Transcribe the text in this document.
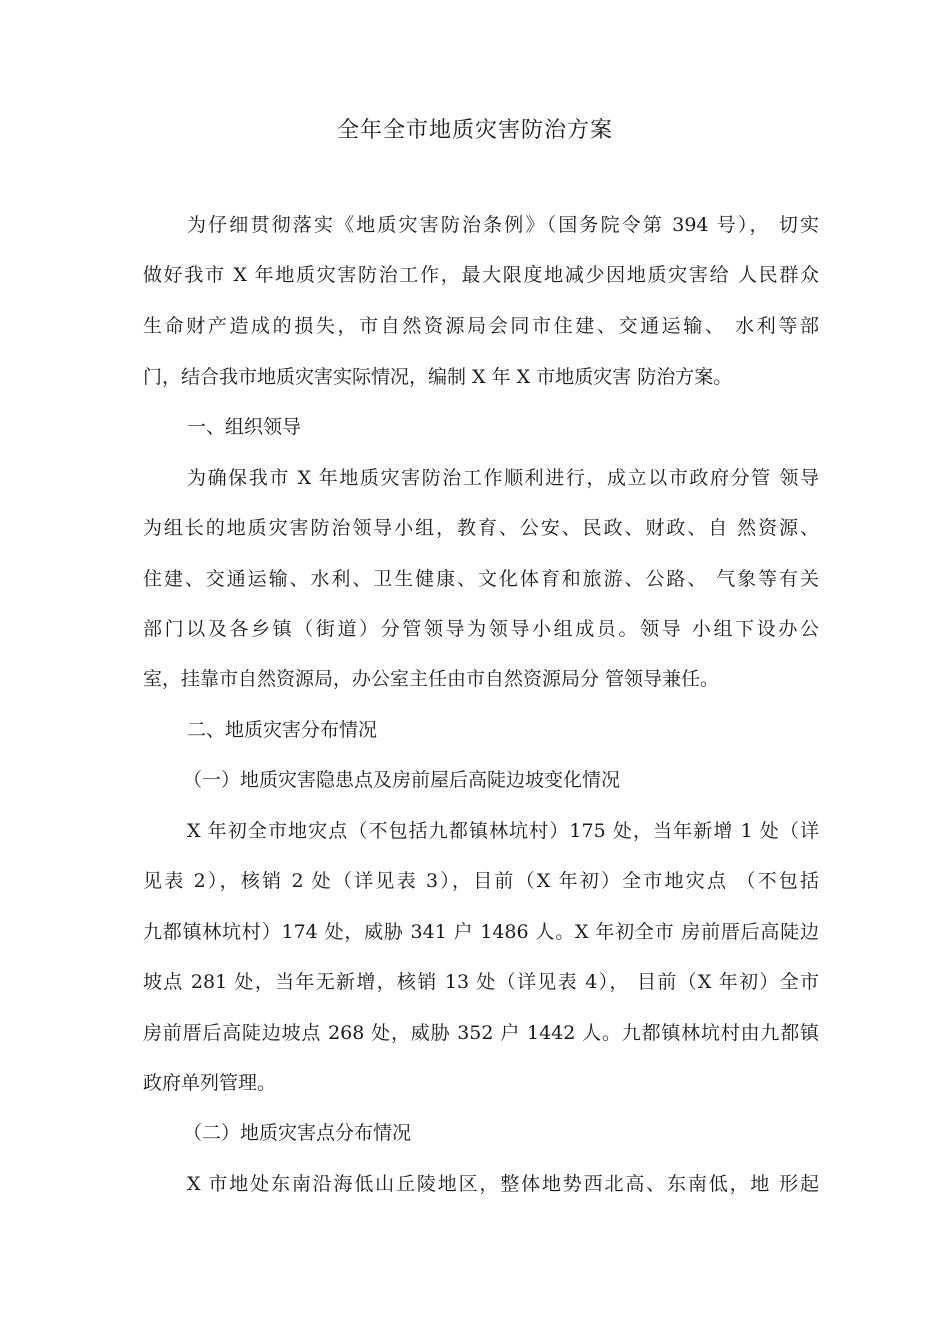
全年全市地质灾害防治方案
为仔细贯彻落实《地质灾害防治条例》（国务院令第 394 号）， 切实
做好我市 X 年地质灾害防治工作，最大限度地减少因地质灾害给 人民群众
生命财产造成的损失，市自然资源局会同市住建、交通运输、 水利等部
门，结合我市地质灾害实际情况，编制 X 年 X 市地质灾害 防治方案。
一、组织领导
为确保我市 X 年地质灾害防治工作顺利进行，成立以市政府分管 领导
为组长的地质灾害防治领导小组，教育、公安、民政、财政、自 然资源、
住建、交通运输、水利、卫生健康、文化体育和旅游、公路、 气象等有关
部门以及各乡镇（街道）分管领导为领导小组成员。领导 小组下设办公
室，挂靠市自然资源局，办公室主任由市自然资源局分 管领导兼任。
二、地质灾害分布情况
（一）地质灾害隐患点及房前屋后高陡边坡变化情况
X 年初全市地灾点（不包括九都镇林坑村）175 处，当年新增 1 处（详
见表 2），核销 2 处（详见表 3），目前（X 年初）全市地灾点 （不包括
九都镇林坑村）174 处，威胁 341 户 1486 人。X 年初全市 房前厝后高陡边
坡点 281 处，当年无新增，核销 13 处（详见表 4）， 目前（X 年初）全市
房前厝后高陡边坡点 268 处，威胁 352 户 1442 人。九都镇林坑村由九都镇
政府单列管理。
（二）地质灾害点分布情况
X 市地处东南沿海低山丘陵地区，整体地势西北高、东南低，地 形起
